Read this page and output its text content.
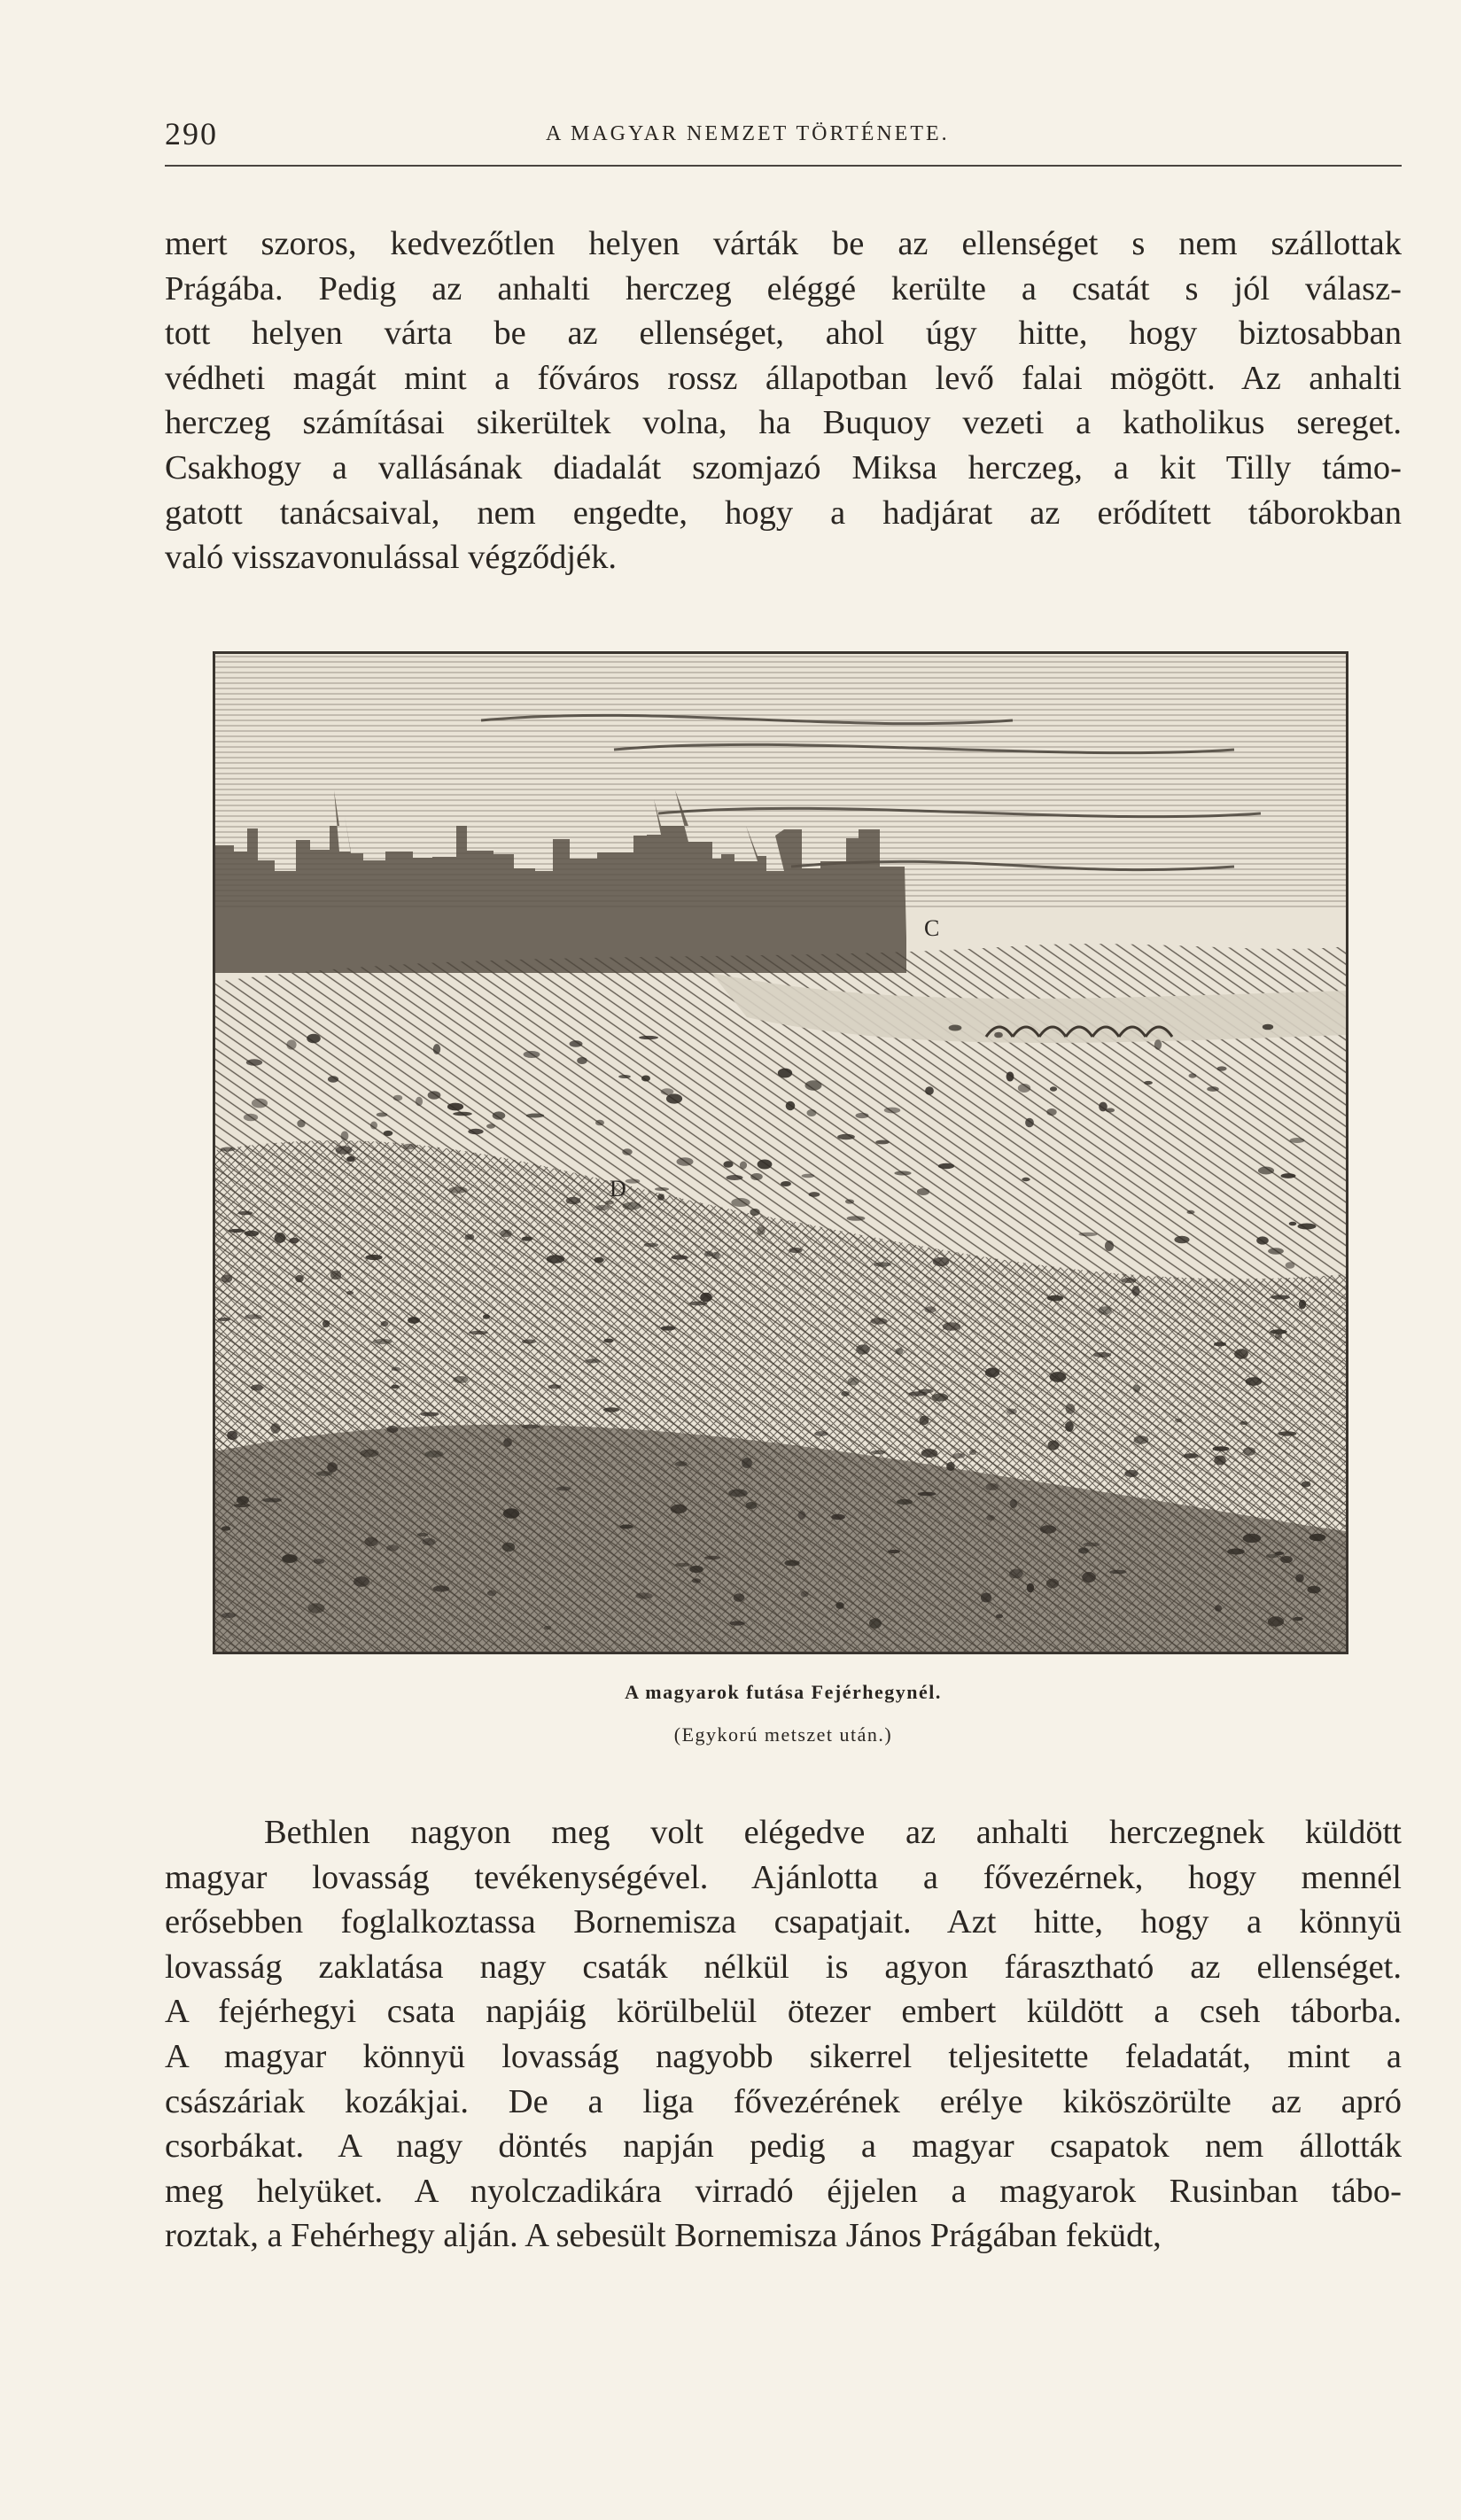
290	A MAGYAR NEMZET TÖRTÉNETE.
mert szoros, kedvezőtlen helyen várták be az ellenséget s nem szállottak
Prágába. Pedig az anhalti herczeg eléggé kerülte a csatát s jól válasz-
tott helyen várta be az ellenséget, ahol úgy hitte, hogy biztosabban
védheti magát mint a főváros rossz állapotban levő falai mögött. Az anhalti
herczeg számításai sikerültek volna, ha Buquoy vezeti a katholikus sereget.
Csakhogy a vallásának diadalát szomjazó Miksa herczeg, a kit Tilly támo-
gatott tanácsaival, nem engedte, hogy a hadjárat az erődített táborokban
való visszavonulással végződjék.
C
D
A magyarok futása Fejérhegynél.
(Egykorú metszet után.)
Bethlen nagyon meg volt elégedve az anhalti herczegnek küldött
magyar lovasság tevékenységével. Ajánlotta a fővezérnek, hogy mennél
erősebben foglalkoztassa Bornemisza csapatjait. Azt hitte, hogy a könnyü
lovasság zaklatása nagy csaták nélkül is agyon fárasztható az ellenséget.
A fejérhegyi csata napjáig körülbelül ötezer embert küldött a cseh táborba.
A magyar könnyü lovasság nagyobb sikerrel teljesitette feladatát, mint a
császáriak kozákjai. De a liga fővezérének erélye kiköszörülte az apró
csorbákat. A nagy döntés napján pedig a magyar csapatok nem állották
meg helyüket. A nyolczadikára virradó éjjelen a magyarok Rusinban tábo-
roztak, a Fehérhegy alján. A sebesült Bornemisza János Prágában feküdt,
